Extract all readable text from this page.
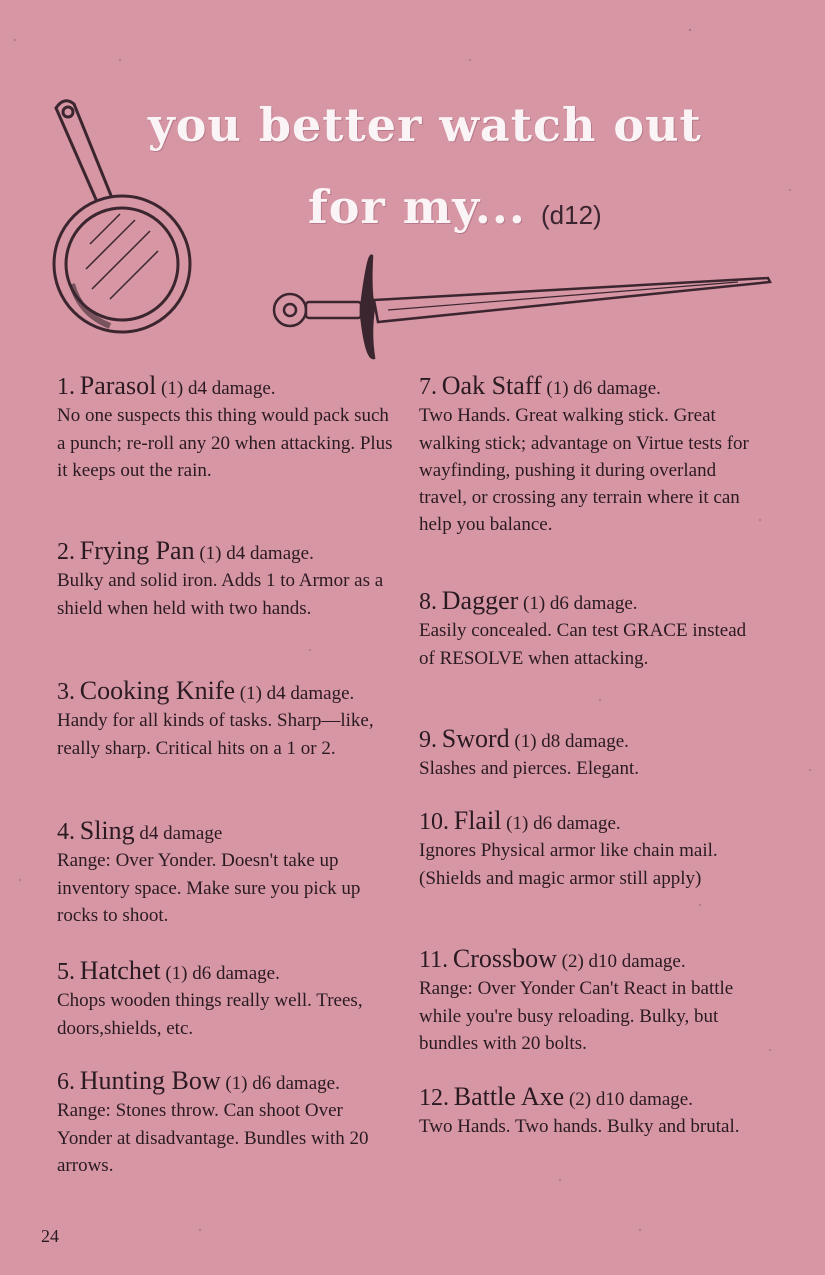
you better watch out
for my... (d12)
1. Parasol (1) d4 damage.
No one suspects this thing would pack such a punch; re-roll any 20 when attacking. Plus it keeps out the rain.
2. Frying Pan (1) d4 damage.
Bulky and solid iron. Adds 1 to Armor as a shield when held with two hands.
3. Cooking Knife (1) d4 damage.
Handy for all kinds of tasks. Sharp—like, really sharp. Critical hits on a 1 or 2.
4. Sling d4 damage
Range: Over Yonder. Doesn't take up inventory space. Make sure you pick up rocks to shoot.
5. Hatchet (1) d6 damage.
Chops wooden things really well. Trees, doors,shields, etc.
6. Hunting Bow (1) d6 damage.
Range: Stones throw. Can shoot Over Yonder at disadvantage. Bundles with 20 arrows.
7. Oak Staff (1) d6 damage.
Two Hands. Great walking stick. Great walking stick; advantage on Virtue tests for wayfinding, pushing it during overland travel, or crossing any terrain where it can help you balance.
8. Dagger (1) d6 damage.
Easily concealed. Can test GRACE instead of RESOLVE when attacking.
9. Sword (1) d8 damage.
Slashes and pierces. Elegant.
10. Flail (1) d6 damage.
Ignores Physical armor like chain mail. (Shields and magic armor still apply)
11. Crossbow (2) d10 damage.
Range: Over Yonder Can't React in battle while you're busy reloading. Bulky, but bundles with 20 bolts.
12. Battle Axe (2) d10 damage.
Two Hands. Two hands. Bulky and brutal.
24
